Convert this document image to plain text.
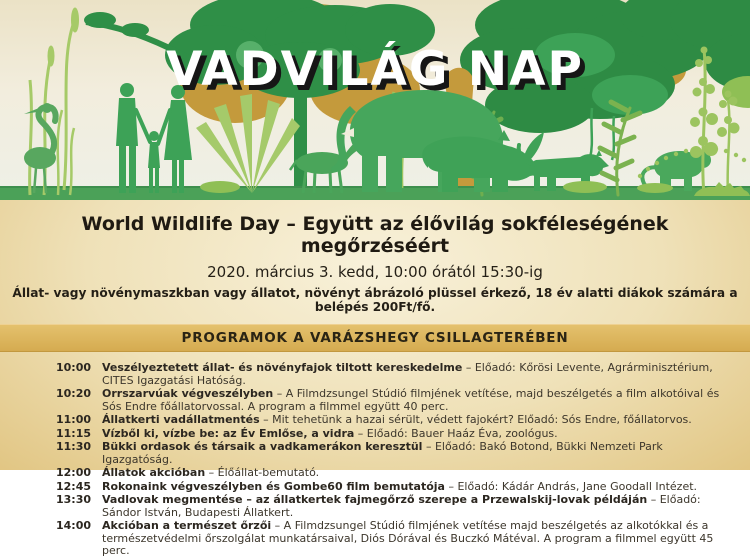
VADVILÁG NAP
World Wildlife Day – Együtt az élővilág sokféleségének megőrzéséért
2020. március 3. kedd, 10:00 órától 15:30-ig
Állat- vagy növénymaszkban vagy állatot, növényt ábrázoló plüssel érkező, 18 év alatti diákok számára a belépés 200Ft/fő.
PROGRAMOK A VARÁZSHEGY CSILLAGTERÉBEN
10:00 Veszélyeztetett állat- és növényfajok tiltott kereskedelme – Előadó: Kőrösi Levente, Agrárminisztérium, CITES Igazgatási Hatóság.

10:20 Orrszarvúak végveszélyben – A Filmdzsungel Stúdió filmjének vetítése, majd beszélgetés a film alkotóival és Sós Endre főállatorvossal. A program a filmmel együtt 40 perc.

11:00 Állatkerti vadállatmentés – Mit tehetünk a hazai sérült, védett fajokért? Előadó: Sós Endre, főállatorvos.

11:15 Vízből ki, vízbe be: az Év Emlőse, a vidra – Előadó: Bauer Haáz Éva, zoológus.

11:30 Bükki ordasok és társaik a vadkamerákon keresztül – Előadó: Bakó Botond, Bükki Nemzeti Park Igazgatóság.

12:00 Állatok akcióban – Élőállat-bemutató.

12:45 Rokonaink végveszélyben és Gombe60 film bemutatója – Előadó: Kádár András, Jane Goodall Intézet.

13:30 Vadlovak megmentése – az állatkertek fajmegőrző szerepe a Przewalskij-lovak példáján – Előadó: Sándor István, Budapesti Állatkert.

14:00 Akcióban a természet őrzői – A Filmdzsungel Stúdió filmjének vetítése majd beszélgetés az alkotókkal és a természetvédelmi őrszolgálat munkatársaival, Diós Dórával és Buczkó Mátéval. A program a filmmel együtt 45 perc.
